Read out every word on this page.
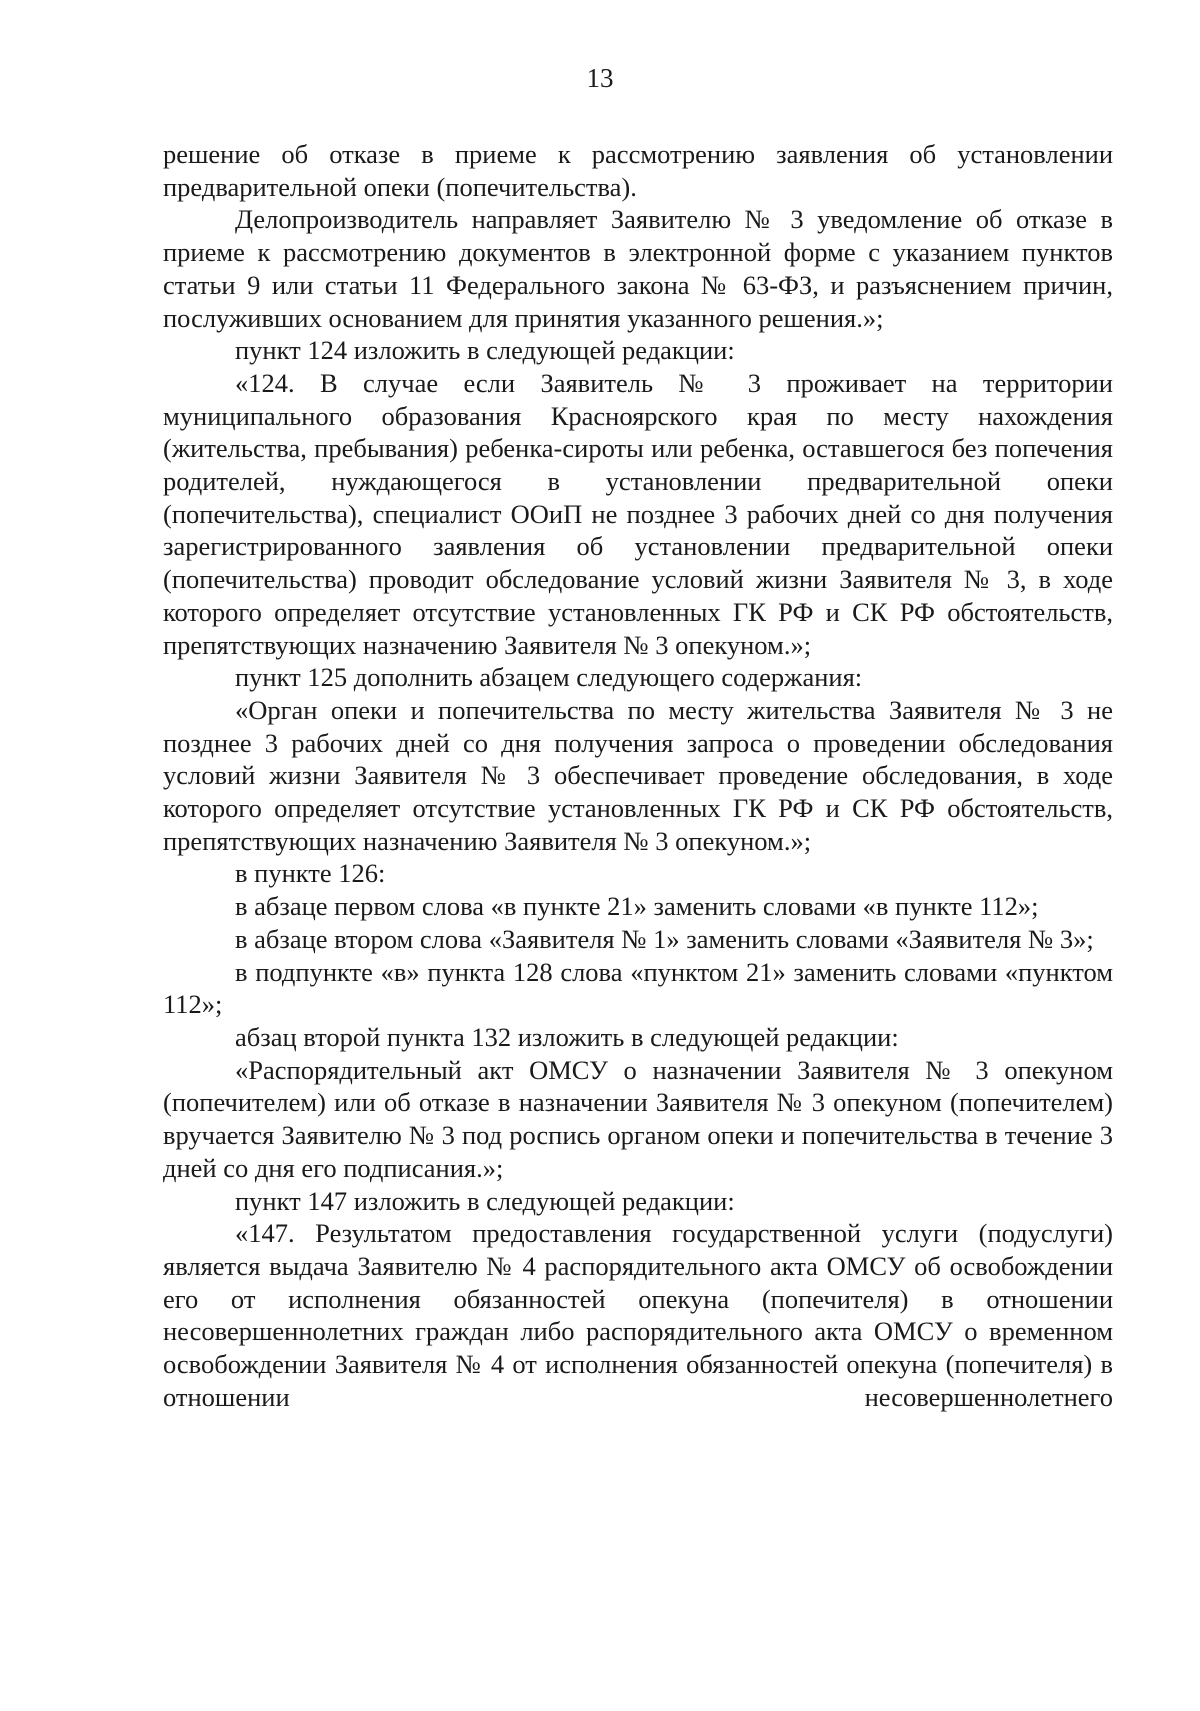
13

решение об отказе в приеме к рассмотрению заявления об установлении предварительной опеки (попечительства).

Делопроизводитель направляет Заявителю № 3 уведомление об отказе в приеме к рассмотрению документов в электронной форме с указанием пунктов статьи 9 или статьи 11 Федерального закона № 63-ФЗ, и разъяснением причин, послуживших основанием для принятия указанного решения.»;

пункт 124 изложить в следующей редакции:

«124. В случае если Заявитель № 3 проживает на территории муниципального образования Красноярского края по месту нахождения (жительства, пребывания) ребенка-сироты или ребенка, оставшегося без попечения родителей, нуждающегося в установлении предварительной опеки (попечительства), специалист ООиП не позднее 3 рабочих дней со дня получения зарегистрированного заявления об установлении предварительной опеки (попечительства) проводит обследование условий жизни Заявителя № 3, в ходе которого определяет отсутствие установленных ГК РФ и СК РФ обстоятельств, препятствующих назначению Заявителя № 3 опекуном.»;

пункт 125 дополнить абзацем следующего содержания:

«Орган опеки и попечительства по месту жительства Заявителя № 3 не позднее 3 рабочих дней со дня получения запроса о проведении обследования условий жизни Заявителя № 3 обеспечивает проведение обследования, в ходе которого определяет отсутствие установленных ГК РФ и СК РФ обстоятельств, препятствующих назначению Заявителя № 3 опекуном.»;

в пункте 126:

в абзаце первом слова «в пункте 21» заменить словами «в пункте 112»;

в абзаце втором слова «Заявителя № 1» заменить словами «Заявителя № 3»;

в подпункте «в» пункта 128 слова «пунктом 21» заменить словами «пунктом 112»;

абзац второй пункта 132 изложить в следующей редакции:

«Распорядительный акт ОМСУ о назначении Заявителя № 3 опекуном (попечителем) или об отказе в назначении Заявителя № 3 опекуном (попечителем) вручается Заявителю № 3 под роспись органом опеки и попечительства в течение 3 дней со дня его подписания.»;

пункт 147 изложить в следующей редакции:

«147. Результатом предоставления государственной услуги (подуслуги) является выдача Заявителю № 4 распорядительного акта ОМСУ об освобождении его от исполнения обязанностей опекуна (попечителя) в отношении несовершеннолетних граждан либо распорядительного акта ОМСУ о временном освобождении Заявителя № 4 от исполнения обязанностей опекуна (попечителя) в отношении несовершеннолетнего
